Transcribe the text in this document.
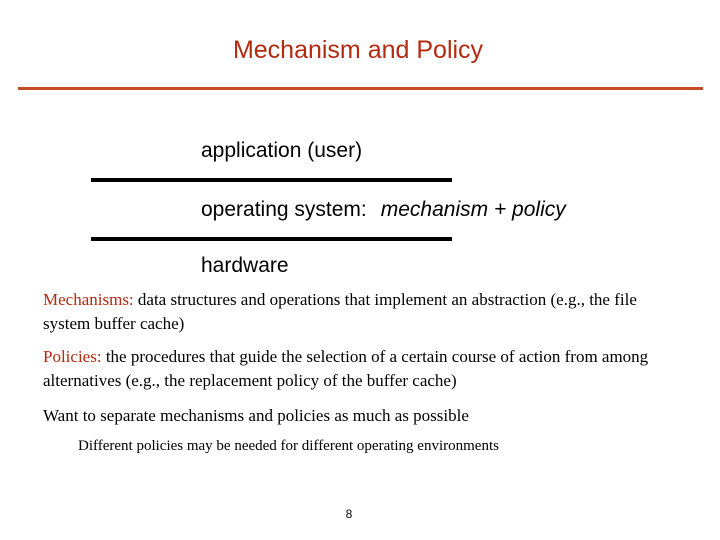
Mechanism and Policy
application (user)
operating system: mechanism + policy
hardware
Mechanisms: data structures and operations that implement an abstraction (e.g., the file system buffer cache)
Policies: the procedures that guide the selection of a certain course of action from among alternatives (e.g., the replacement policy of the buffer cache)
Want to separate mechanisms and policies as much as possible
Different policies may be needed for different operating environments
8
